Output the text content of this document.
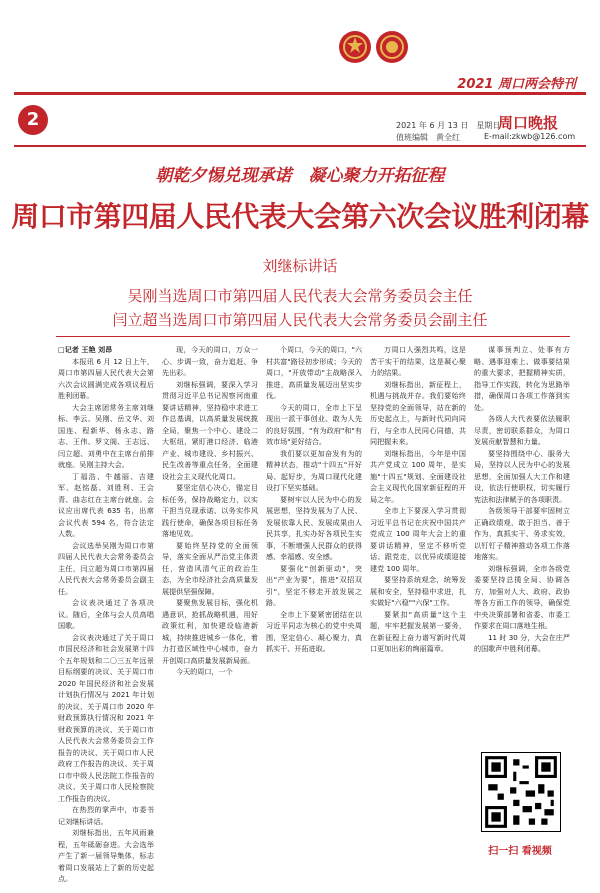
2021 周口两会特刊
2	2021 年 6 月 13 日　星期日
值班编辑　黄全红
周口晚报
E-mail:zkwb@126.com
朝乾夕惕兑现承诺　凝心聚力开拓征程
周口市第四届人民代表大会第六次会议胜利闭幕
刘继标讲话
吴刚当选周口市第四届人民代表大会常务委员会主任
闫立超当选周口市第四届人民代表大会常务委员会副主任

□记者 王艳 刘昂

本报讯 6 月 12 日上午，周口市第四届人民代表大会第六次会议圆满完成各项议程后胜利闭幕。

大会主席团常务主席刘继标、李云、吴刚、岳文华、刘国连、程新华、杨永志、路志、王伟、罗文阁、王志远、闫立超、刘勇中在主席台前排就座。吴刚主持大会。

丁福浩、牛越丽、吉建军、赵铭磊、刘胜利、王会青、曲志红在主席台就座。会议应出席代表 635 名，出席会议代表 594 名，符合法定人数。

会议选举吴刚为周口市第四届人民代表大会常务委员会主任，闫立超为周口市第四届人民代表大会常务委员会副主任。

会议表决通过了各项决议。随后，全体与会人员高唱国歌。

会议表决通过了关于周口市国民经济和社会发展第十四个五年规划和二〇三五年远景目标纲要的决议、关于周口市 2020 年国民经济和社会发展计划执行情况与 2021 年计划的决议、关于周口市 2020 年财政预算执行情况和 2021 年财政预算的决议、关于周口市人民代表大会常务委员会工作报告的决议、关于周口市人民政府工作报告的决议、关于周口市中级人民法院工作报告的决议、关于周口市人民检察院工作报告的决议。

在热烈的掌声中，市委书记刘继标讲话。

刘继标指出，五年风雨兼程，五年砥砺奋进。大会选举产生了新一届领导集体，标志着周口发展站上了新的历史起点。

现，今天的周口，万众一心、步调一致，奋力追赶、争先出彩。

刘继标强调，要深入学习贯彻习近平总书记视察河南重要讲话精神，坚持稳中求进工作总基调，以高质量发展统揽全局，聚焦一个中心、建设二大枢纽，紧盯港口经济、临港产业、城市建设、乡村振兴、民生改善等重点任务，全面建设社会主义现代化周口。

要坚定信心决心，锚定目标任务，保持战略定力，以实干担当兑现承诺、以务实作风践行使命，确保各项目标任务落地见效。

要始终坚持党的全面领导，落实全面从严治党主体责任，营造风清气正的政治生态，为全市经济社会高质量发展提供坚强保障。

要聚焦发展目标，强化机遇意识，抢抓战略机遇，用好政策红利，加快建设临港新城，持续推进城乡一体化，着力打造区域性中心城市，奋力开创周口高质量发展新局面。

今天的周口，一个

个周口，今天的周口，"六村共富"路径初步形成；今天的周口，"开放带动"主战略深入推进，高质量发展迈出坚实步伐。

今天的周口，全市上下呈现出一派干事创业、敢为人先的良好氛围，"有为政府"和"有效市场"更好结合。

我们要以更加奋发有为的精神状态，推动"十四五"开好局、起好步，为周口现代化建设打下坚实基础。

要树牢以人民为中心的发展思想，坚持发展为了人民、发展依靠人民、发展成果由人民共享，扎实办好各项民生实事，不断增强人民群众的获得感、幸福感、安全感。

要强化"创新驱动"，突出"产业为要"，推进"双招双引"，坚定不移走开放发展之路。

全市上下要紧密团结在以习近平同志为核心的党中央周围，坚定信心、凝心聚力，真抓实干、开拓进取。

万周口人强烈共鸣，这是苦干实干的结果，这是凝心聚力的结果。

刘继标指出，新征程上，机遇与挑战并存。我们要始终坚持党的全面领导，站在新的历史起点上，与新时代同向同行，与全市人民同心同德，共同把握未来。

刘继标指出，今年是中国共产党成立 100 周年，是实施"十四五"规划、全面建设社会主义现代化国家新征程的开局之年。

全市上下要深入学习贯彻习近平总书记在庆祝中国共产党成立 100 周年大会上的重要讲话精神，坚定不移听党话、跟党走，以优异成绩迎接建党 100 周年。

要坚持系统观念，统筹发展和安全，坚持稳中求进，扎实做好"六稳""六保"工作。

要紧扣"高质量"这个主题，牢牢把握发展第一要务，在新征程上奋力谱写新时代周口更加出彩的绚丽篇章。

谋事预判立、处事有方略、遇事迎难上、做事要结果的重大要求，把握精神实质，指导工作实践，转化为思路举措，确保周口各项工作落到实处。

各级人大代表要依法履职尽责，密切联系群众，为周口发展贡献智慧和力量。

要坚持围绕中心、服务大局，坚持以人民为中心的发展思想，全面加强人大工作和建设，依法行使职权，切实履行宪法和法律赋予的各项职责。

各级领导干部要牢固树立正确政绩观，敢于担当、善于作为，真抓实干、务求实效，以钉钉子精神推动各项工作落地落实。

刘继标强调，全市各级党委要坚持总揽全局、协调各方，加强对人大、政府、政协等各方面工作的领导，确保党中央决策部署和省委、市委工作要求在周口落地生根。

11 时 30 分，大会在庄严的国歌声中胜利闭幕。

扫一扫 看视频
